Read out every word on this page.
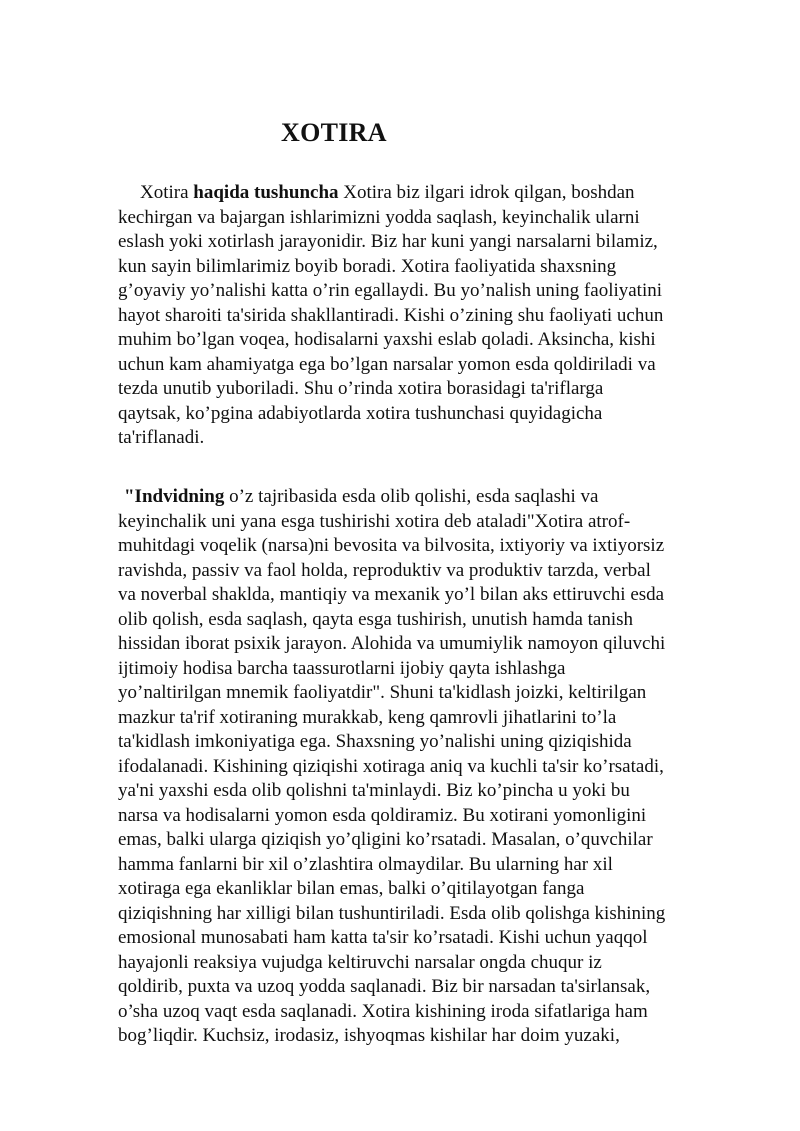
XOTIRA

Xotira haqida tushuncha Xotira biz ilgari idrok qilgan, boshdan
kechirgan va bajargan ishlarimizni yodda saqlash, keyinchalik ularni
eslash yoki xotirlash jarayonidir. Biz har kuni yangi narsalarni bilamiz,
kun sayin bilimlarimiz boyib boradi. Xotira faoliyatida shaxsning
g’oyaviy yo’nalishi katta o’rin egallaydi. Bu yo’nalish uning faoliyatini
hayot sharoiti ta'sirida shakllantiradi. Kishi o’zining shu faoliyati uchun
muhim bo’lgan voqea, hodisalarni yaxshi eslab qoladi. Aksincha, kishi
uchun kam ahamiyatga ega bo’lgan narsalar yomon esda qoldiriladi va
tezda unutib yuboriladi. Shu o’rinda xotira borasidagi ta'riflarga
qaytsak, ko’pgina adabiyotlarda xotira tushunchasi quyidagicha
ta'riflanadi.

"Indvidning o’z tajribasida esda olib qolishi, esda saqlashi va
keyinchalik uni yana esga tushirishi xotira deb ataladi"Xotira atrof-
muhitdagi voqelik (narsa)ni bevosita va bilvosita, ixtiyoriy va ixtiyorsiz
ravishda, passiv va faol holda, reproduktiv va produktiv tarzda, verbal
va noverbal shaklda, mantiqiy va mexanik yo’l bilan aks ettiruvchi esda
olib qolish, esda saqlash, qayta esga tushirish, unutish hamda tanish
hissidan iborat psixik jarayon. Alohida va umumiylik namoyon qiluvchi
ijtimoiy hodisa barcha taassurotlarni ijobiy qayta ishlashga
yo’naltirilgan mnemik faoliyatdir". Shuni ta'kidlash joizki, keltirilgan
mazkur ta'rif xotiraning murakkab, keng qamrovli jihatlarini to’la
ta'kidlash imkoniyatiga ega. Shaxsning yo’nalishi uning qiziqishida
ifodalanadi. Kishining qiziqishi xotiraga aniq va kuchli ta'sir ko’rsatadi,
ya'ni yaxshi esda olib qolishni ta'minlaydi. Biz ko’pincha u yoki bu
narsa va hodisalarni yomon esda qoldiramiz. Bu xotirani yomonligini
emas, balki ularga qiziqish yo’qligini ko’rsatadi. Masalan, o’quvchilar
hamma fanlarni bir xil o’zlashtira olmaydilar. Bu ularning har xil
xotiraga ega ekanliklar bilan emas, balki o’qitilayotgan fanga
qiziqishning har xilligi bilan tushuntiriladi. Esda olib qolishga kishining
emosional munosabati ham katta ta'sir ko’rsatadi. Kishi uchun yaqqol
hayajonli reaksiya vujudga keltiruvchi narsalar ongda chuqur iz
qoldirib, puxta va uzoq yodda saqlanadi. Biz bir narsadan ta'sirlansak,
o’sha uzoq vaqt esda saqlanadi. Xotira kishining iroda sifatlariga ham
bog’liqdir. Kuchsiz, irodasiz, ishyoqmas kishilar har doim yuzaki,
